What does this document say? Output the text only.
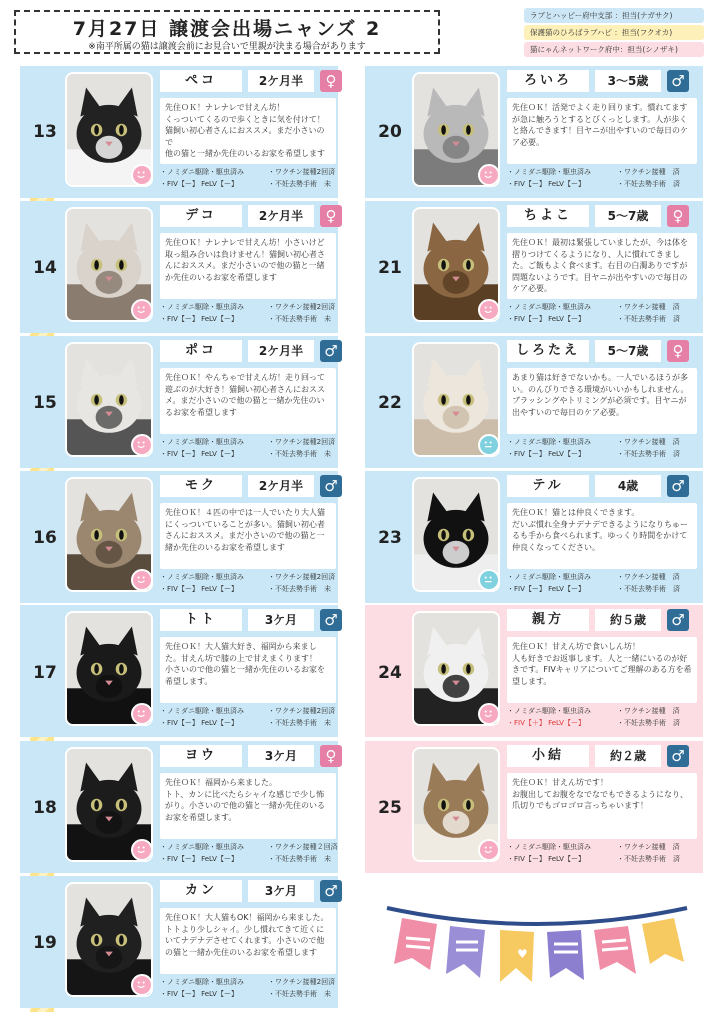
7月27日 譲渡会出場ニャンズ 2
※南平所属の猫は譲渡会前にお見合いで里親が決まる場合があります
ラブとハッピー府中支部 ：担当(ナガサク)
保護猫のひろばラブハピ ：担当(フクオカ)
猫にゃんネットワーク府中：担当(シノザキ)
ペコ	2ケ月半	♀
先住ＯＫ！ナレナレで甘えん坊！
くっついてくるので歩くときに気を付けて！
猫飼い初心者さんにおススメ。まだ小さいので
他の猫と一緒か先住のいるお家を希望します
・ノミダニ駆除・駆虫済み	・ワクチン接種2回済
・FIV【ー】 FeLV【ー】	・不妊去勢手術　未
13
デコ	2ケ月半	♀
先住ＯＫ！ナレナレで甘えん坊！小さいけど取っ組み合いは負けません！猫飼い初心者さんにおススメ。まだ小さいので他の猫と一緒か先住のいるお家を希望します
・ノミダニ駆除・駆虫済み	・ワクチン接種2回済
・FIV【ー】 FeLV【ー】	・不妊去勢手術　未
14
ポコ	2ケ月半	♂
先住ＯＫ！やんちゃで甘えん坊！走り回って遊ぶのが大好き！猫飼い初心者さんにおススメ。まだ小さいので他の猫と一緒か先住のいるお家を希望します
・ノミダニ駆除・駆虫済み	・ワクチン接種2回済
・FIV【ー】 FeLV【ー】	・不妊去勢手術　未
15
モク	2ケ月半	♂
先住ＯＫ！４匹の中では一人でいたり大人猫にくっついていることが多い。猫飼い初心者さんにおススメ。まだ小さいので他の猫と一緒か先住のいるお家を希望します
・ノミダニ駆除・駆虫済み	・ワクチン接種2回済
・FIV【ー】 FeLV【ー】	・不妊去勢手術　未
16
トト	3ケ月	♂
先住ＯＫ！大人猫大好き、福岡から来ました。甘えん坊で膝の上で甘えまくります！
小さいので他の猫と一緒か先住のいるお家を希望します。
・ノミダニ駆除・駆虫済み	・ワクチン接種2回済
・FIV【ー】 FeLV【ー】	・不妊去勢手術　未
17
ヨウ	3ケ月	♀
先住ＯＫ！福岡から来ました。
トト、カンに比べたらシャイな感じで少し怖がり。小さいので他の猫と一緒か先住のいるお家を希望します。
・ノミダニ駆除・駆虫済み	・ワクチン接種２回済
・FIV【ー】 FeLV【ー】	・不妊去勢手術　未
18
カン	3ケ月	♂
先住ＯＫ！大人猫もOK！福岡から来ました。トトより少しシャイ。少し慣れてきて近くにいてナデナデさせてくれます。小さいので他の猫と一緒か先住のいるお家を希望します
・ノミダニ駆除・駆虫済み	・ワクチン接種2回済
・FIV【ー】 FeLV【ー】	・不妊去勢手術　未
19
ろいろ	3～5歳	♂
先住ＯＫ！活発でよく走り回ります。慣れてますが急に触ろうとするとびくっとします。人が歩くと絡んできます！目ヤニが出やすいので毎日のケア必要。
・ノミダニ駆除・駆虫済み	・ワクチン接種　済
・FIV【ー】 FeLV【ー】	・不妊去勢手術　済
20
ちよこ	5～7歳	♀
先住ＯＫ！最初は緊張していましたが、今は体を摺りつけてくるようになり、人に慣れてきました。ご飯もよく食べます。右目の白濁ありですが問題ないようです。目ヤニが出やすいので毎日のケア必要。
・ノミダニ駆除・駆虫済み	・ワクチン接種　済
・FIV【ー】 FeLV【ー】	・不妊去勢手術　済
21
しろたえ	5～7歳	♀
あまり猫は好きでないかも。一人でいるほうが多い。のんびりできる環境がいいかもしれません。ブラッシングやトリミングが必須です。目ヤニが出やすいので毎日のケア必要。
・ノミダニ駆除・駆虫済み	・ワクチン接種　済
・FIV【ー】 FeLV【ー】	・不妊去勢手術　済
22
テル	4歳	♂
先住ＯＫ！猫とは仲良くできます。
だいぶ慣れ全身ナデナデできるようになりちゅーるも手から食べられます。ゆっくり時間をかけて仲良くなってください。
・ノミダニ駆除・駆虫済み	・ワクチン接種　済
・FIV【ー】 FeLV【ー】	・不妊去勢手術　済
23
親方	約５歳	♂
先住ＯＫ！甘えん坊で食いしん坊！
人も好きでお返事します。人と一緒にいるのが好きです。FIVキャリアについてご理解のある方を希望します。
・ノミダニ駆除・駆虫済み	・ワクチン接種　済
・FIV【＋】 FeLV【ー】	・不妊去勢手術　済
24
小結	約２歳	♂
先住ＯＫ！甘えん坊です！
お腹出してお腹をなでなでもできるようになり、爪切りでもゴロゴロ言っちゃいます！
・ノミダニ駆除・駆虫済み	・ワクチン接種　済
・FIV【ー】 FeLV【ー】	・不妊去勢手術　済
25
♥
